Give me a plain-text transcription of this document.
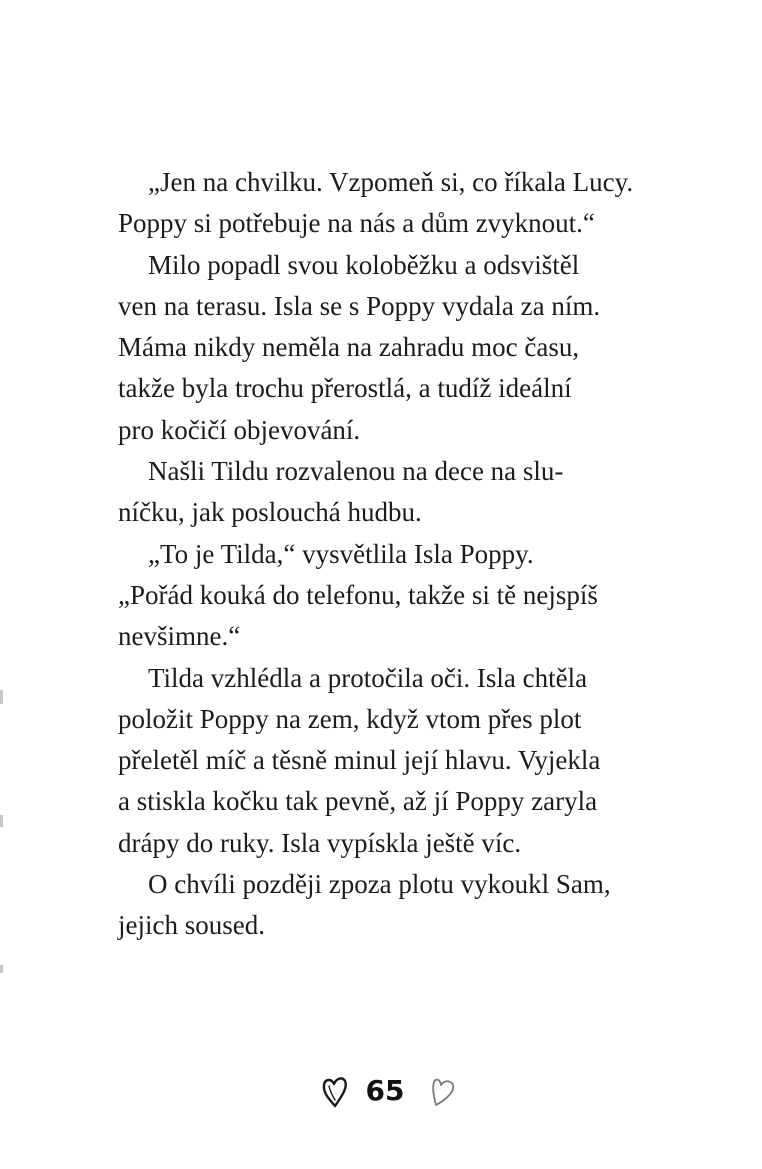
„Jen na chvilku. Vzpomeň si, co říkala Lucy.
Poppy si potřebuje na nás a dům zvyknout.“
Milo popadl svou koloběžku a odsvištěl
ven na terasu. Isla se s Poppy vydala za ním.
Máma nikdy neměla na zahradu moc času,
takže byla trochu přerostlá, a tudíž ideální
pro kočičí objevování.
Našli Tildu rozvalenou na dece na slu-
níčku, jak poslouchá hudbu.
„To je Tilda,“ vysvětlila Isla Poppy.
„Pořád kouká do telefonu, takže si tě nejspíš
nevšimne.“
Tilda vzhlédla a protočila oči. Isla chtěla
položit Poppy na zem, když vtom přes plot
přeletěl míč a těsně minul její hlavu. Vyjekla
a stiskla kočku tak pevně, až jí Poppy zaryla
drápy do ruky. Isla vypískla ještě víc.
O chvíli později zpoza plotu vykoukl Sam,
jejich soused.
65
